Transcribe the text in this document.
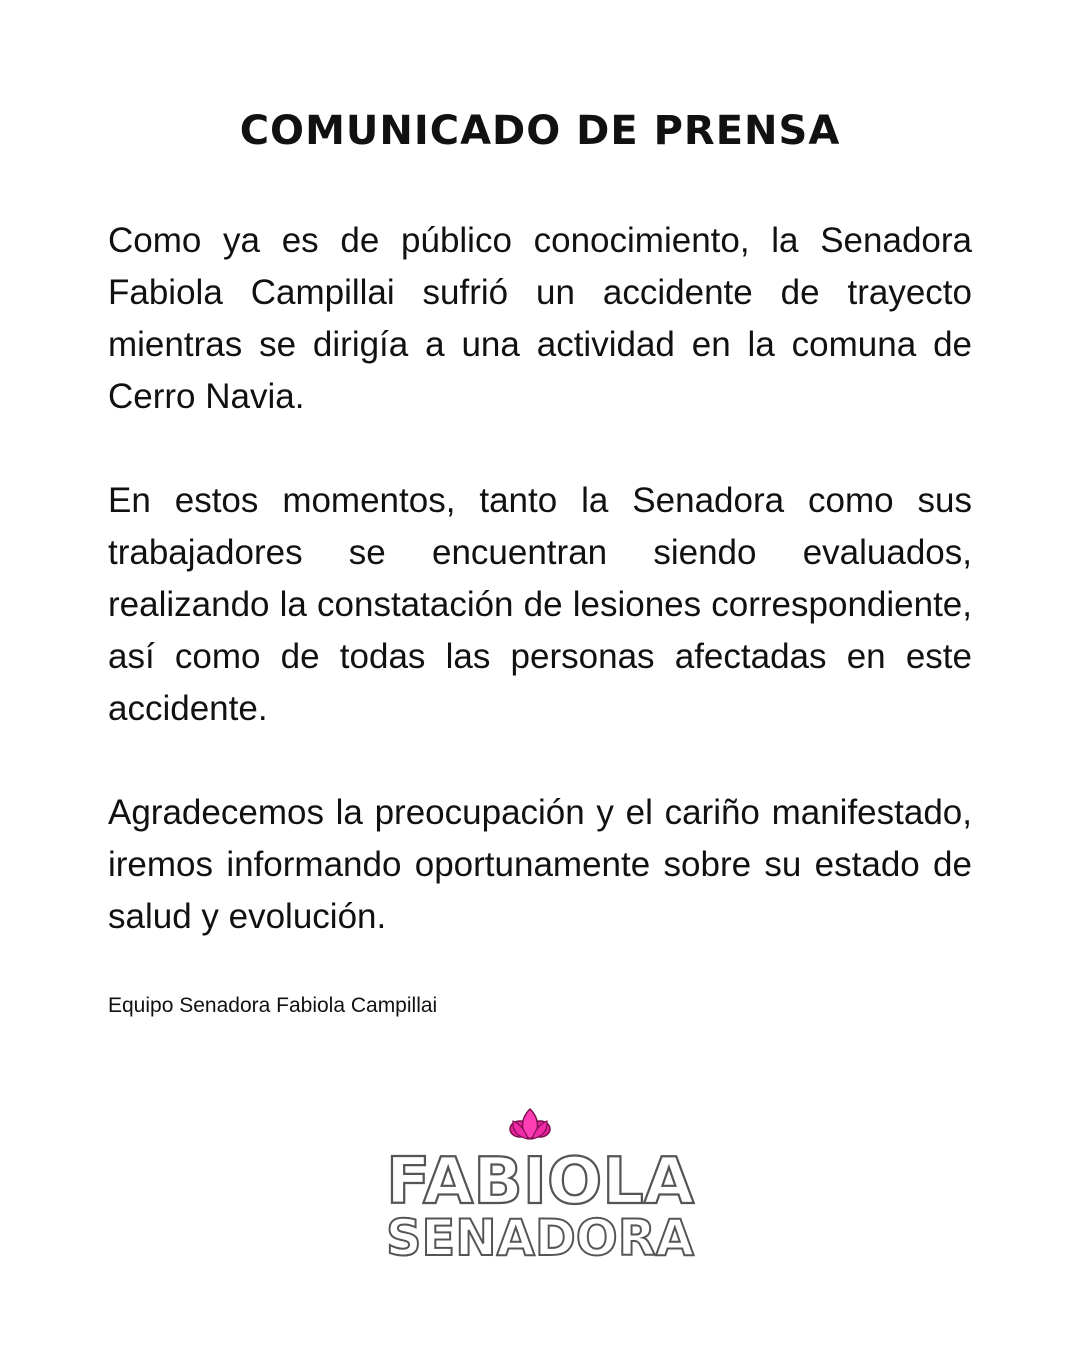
COMUNICADO DE PRENSA

Como ya es de público conocimiento, la Senadora Fabiola Campillai sufrió un accidente de trayecto mientras se dirigía a una actividad en la comuna de Cerro Navia.

En estos momentos, tanto la Senadora como sus trabajadores se encuentran siendo evaluados, realizando la constatación de lesiones correspondiente, así como de todas las personas afectadas en este accidente.

Agradecemos la preocupación y el cariño manifestado, iremos informando oportunamente sobre su estado de salud y evolución.

Equipo Senadora Fabiola Campillai

FABIOLA
SENADORA
